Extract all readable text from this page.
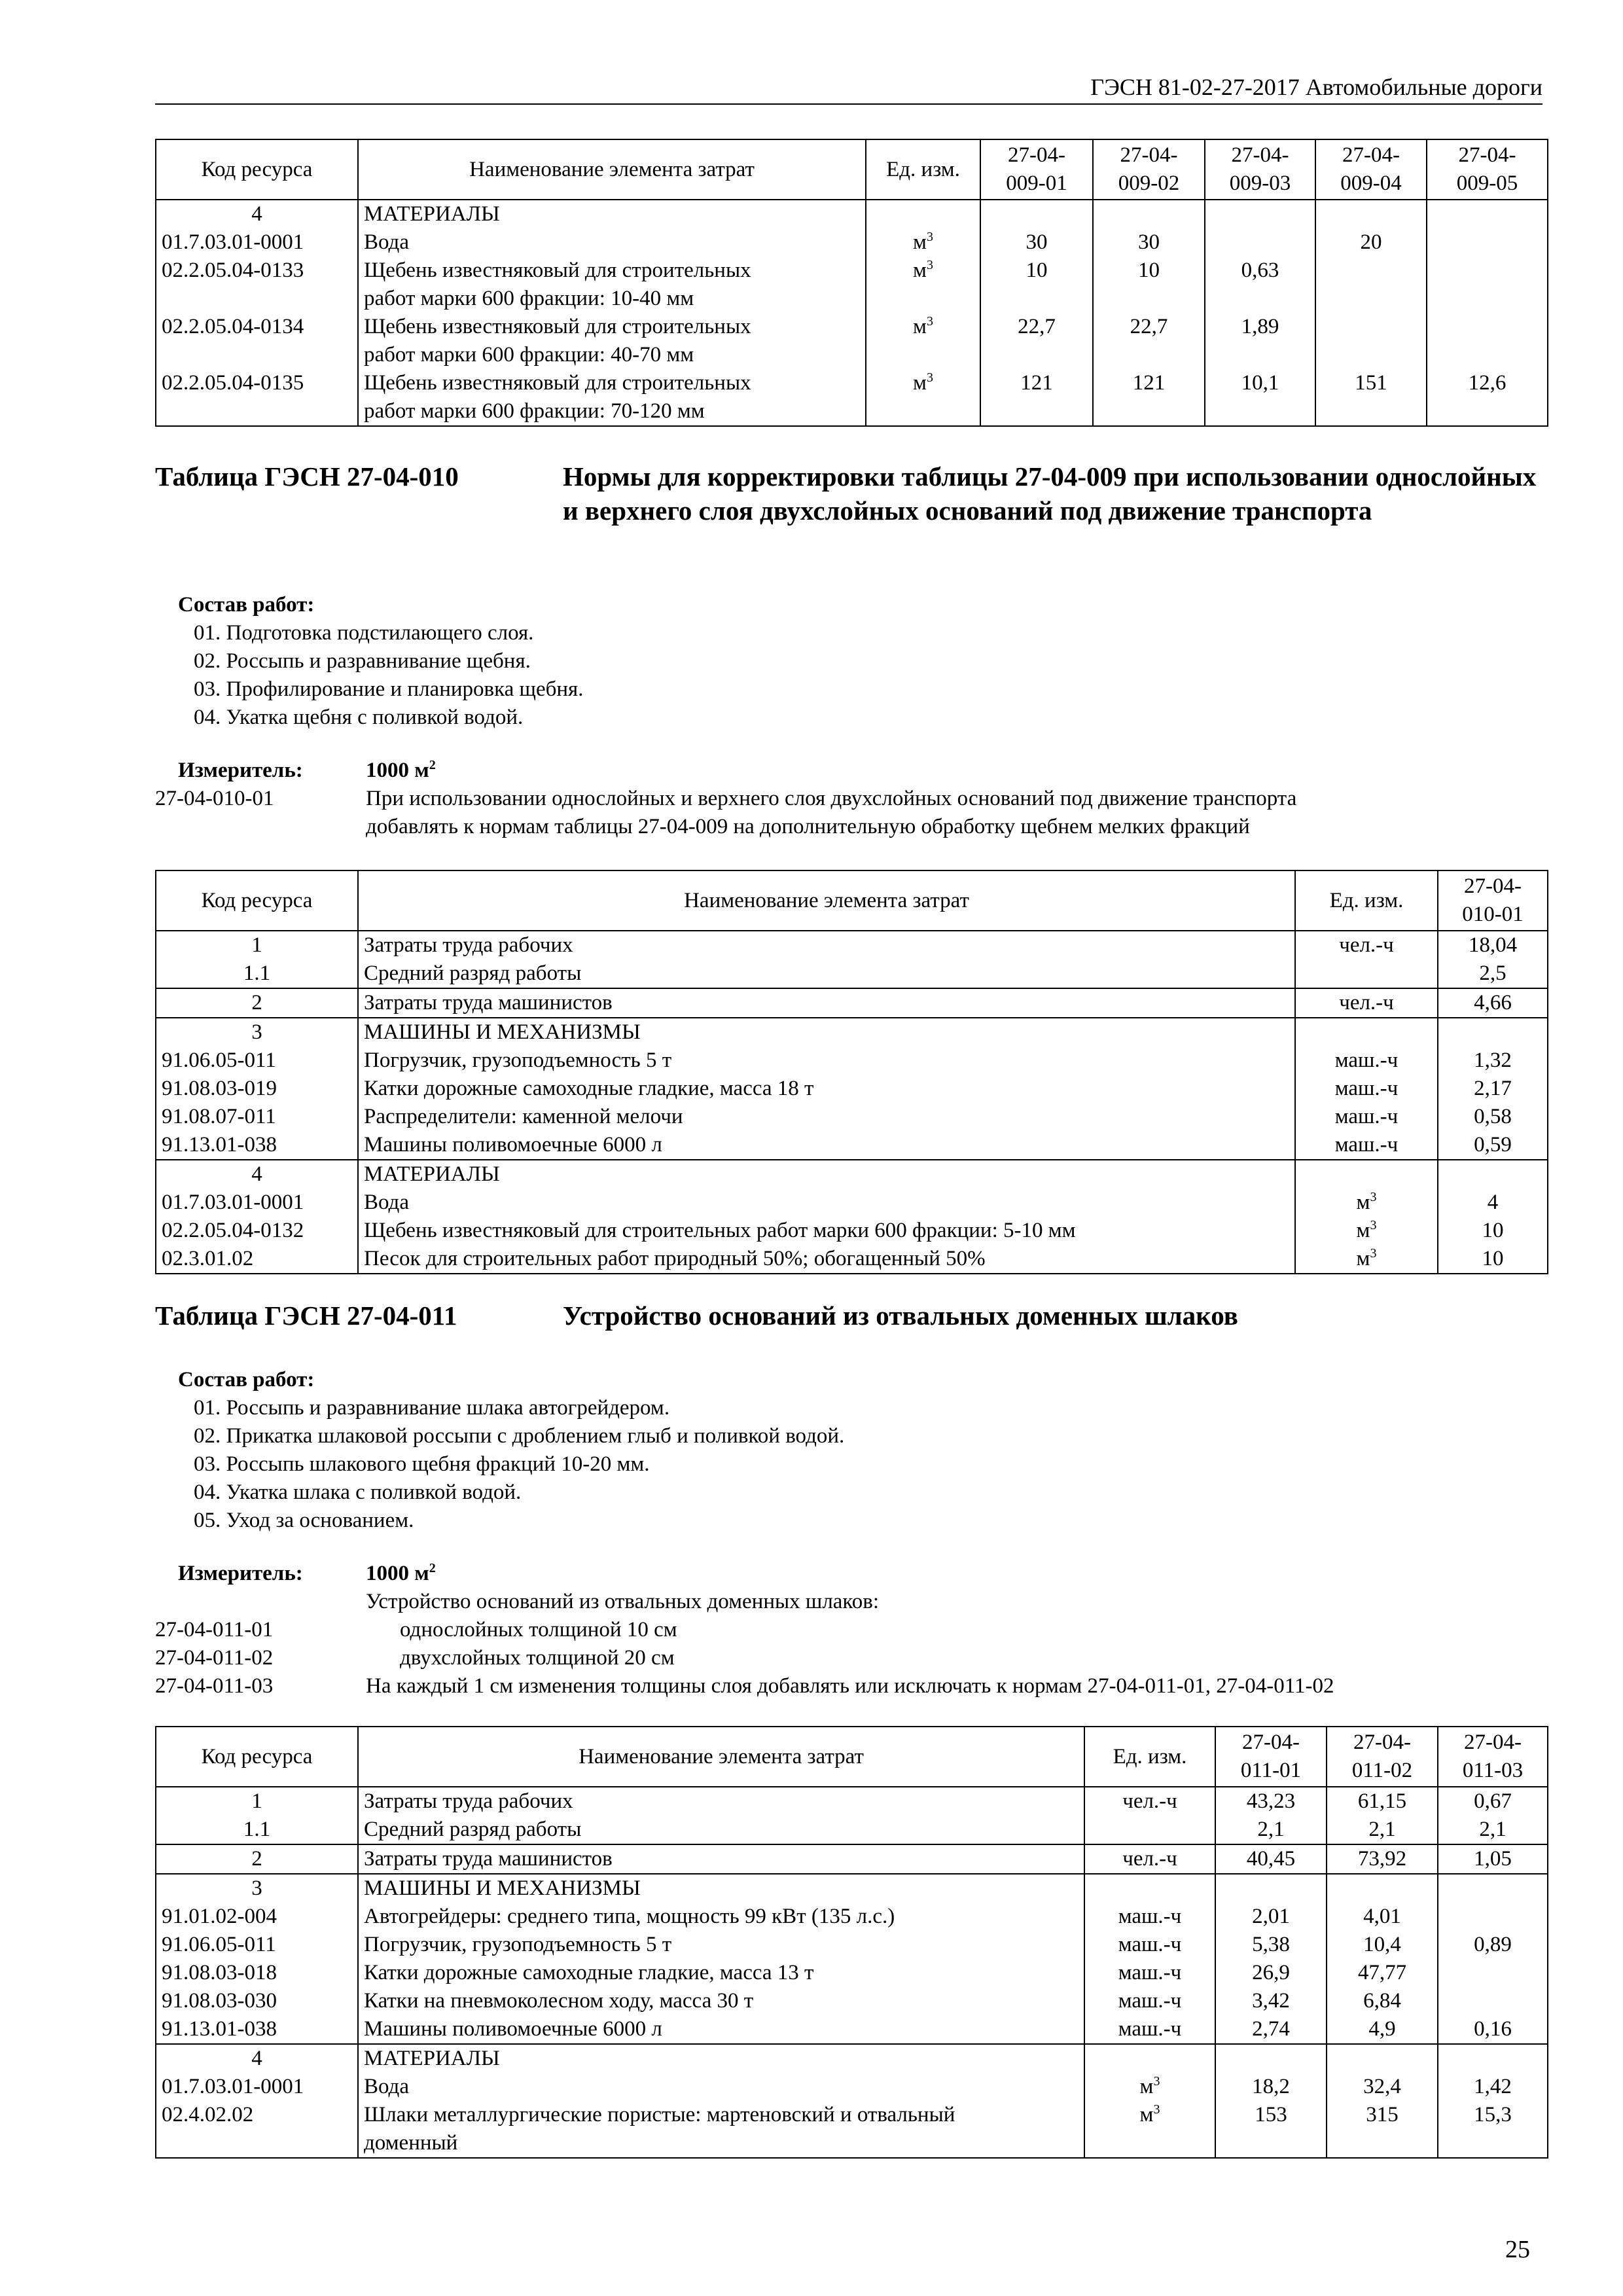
ГЭСН 81-02-27-2017 Автомобильные дороги
Код ресурса	Наименование элемента затрат	Ед. изм.	27-04-
009-01	27-04-
009-02	27-04-
009-03	27-04-
009-04	27-04-
009-05
4	МАТЕРИАЛЫ						
01.7.03.01-0001	Вода	$м^3$	30	30		20	
02.2.05.04-0133	Щебень известняковый для строительных
работ марки 600 фракции: 10-40 мм	$м^3$	10	10	0,63		
02.2.05.04-0134	Щебень известняковый для строительных
работ марки 600 фракции: 40-70 мм	$м^3$	22,7	22,7	1,89		
02.2.05.04-0135	Щебень известняковый для строительных
работ марки 600 фракции: 70-120 мм	$м^3$	121	121	10,1	151	12,6
Таблица ГЭСН 27-04-010	Нормы для корректировки таблицы 27-04-009 при использовании однослойных и верхнего слоя двухслойных оснований под движение транспорта
Состав работ:
01. Подготовка подстилающего слоя.
02. Россыпь и разравнивание щебня.
03. Профилирование и планировка щебня.
04. Укатка щебня с поливкой водой.
Измеритель:	1000 $м^2$
27-04-010-01	При использовании однослойных и верхнего слоя двухслойных оснований под движение транспорта
добавлять к нормам таблицы 27-04-009 на дополнительную обработку щебнем мелких фракций
Код ресурса	Наименование элемента затрат	Ед. изм.	27-04-
010-01
1	Затраты труда рабочих	чел.-ч	18,04
1.1	Средний разряд работы		2,5
2	Затраты труда машинистов	чел.-ч	4,66
3	МАШИНЫ И МЕХАНИЗМЫ		
91.06.05-011	Погрузчик, грузоподъемность 5 т	маш.-ч	1,32
91.08.03-019	Катки дорожные самоходные гладкие, масса 18 т	маш.-ч	2,17
91.08.07-011	Распределители: каменной мелочи	маш.-ч	0,58
91.13.01-038	Машины поливомоечные 6000 л	маш.-ч	0,59
4	МАТЕРИАЛЫ		
01.7.03.01-0001	Вода	$м^3$	4
02.2.05.04-0132	Щебень известняковый для строительных работ марки 600 фракции: 5-10 мм	$м^3$	10
02.3.01.02	Песок для строительных работ природный 50%; обогащенный 50%	$м^3$	10
Таблица ГЭСН 27-04-011	Устройство оснований из отвальных доменных шлаков
Состав работ:
01. Россыпь и разравнивание шлака автогрейдером.
02. Прикатка шлаковой россыпи с дроблением глыб и поливкой водой.
03. Россыпь шлакового щебня фракций 10-20 мм.
04. Укатка шлака с поливкой водой.
05. Уход за основанием.
Измеритель:	1000 $м^2$
Устройство оснований из отвальных доменных шлаков:
27-04-011-01	однослойных толщиной 10 см
27-04-011-02	двухслойных толщиной 20 см
27-04-011-03	На каждый 1 см изменения толщины слоя добавлять или исключать к нормам 27-04-011-01, 27-04-011-02
Код ресурса	Наименование элемента затрат	Ед. изм.	27-04-
011-01	27-04-
011-02	27-04-
011-03
1	Затраты труда рабочих	чел.-ч	43,23	61,15	0,67
1.1	Средний разряд работы		2,1	2,1	2,1
2	Затраты труда машинистов	чел.-ч	40,45	73,92	1,05
3	МАШИНЫ И МЕХАНИЗМЫ				
91.01.02-004	Автогрейдеры: среднего типа, мощность 99 кВт (135 л.с.)	маш.-ч	2,01	4,01	
91.06.05-011	Погрузчик, грузоподъемность 5 т	маш.-ч	5,38	10,4	0,89
91.08.03-018	Катки дорожные самоходные гладкие, масса 13 т	маш.-ч	26,9	47,77	
91.08.03-030	Катки на пневмоколесном ходу, масса 30 т	маш.-ч	3,42	6,84	
91.13.01-038	Машины поливомоечные 6000 л	маш.-ч	2,74	4,9	0,16
4	МАТЕРИАЛЫ				
01.7.03.01-0001	Вода	$м^3$	18,2	32,4	1,42
02.4.02.02	Шлаки металлургические пористые: мартеновский и отвальный
доменный	$м^3$	153	315	15,3
25
